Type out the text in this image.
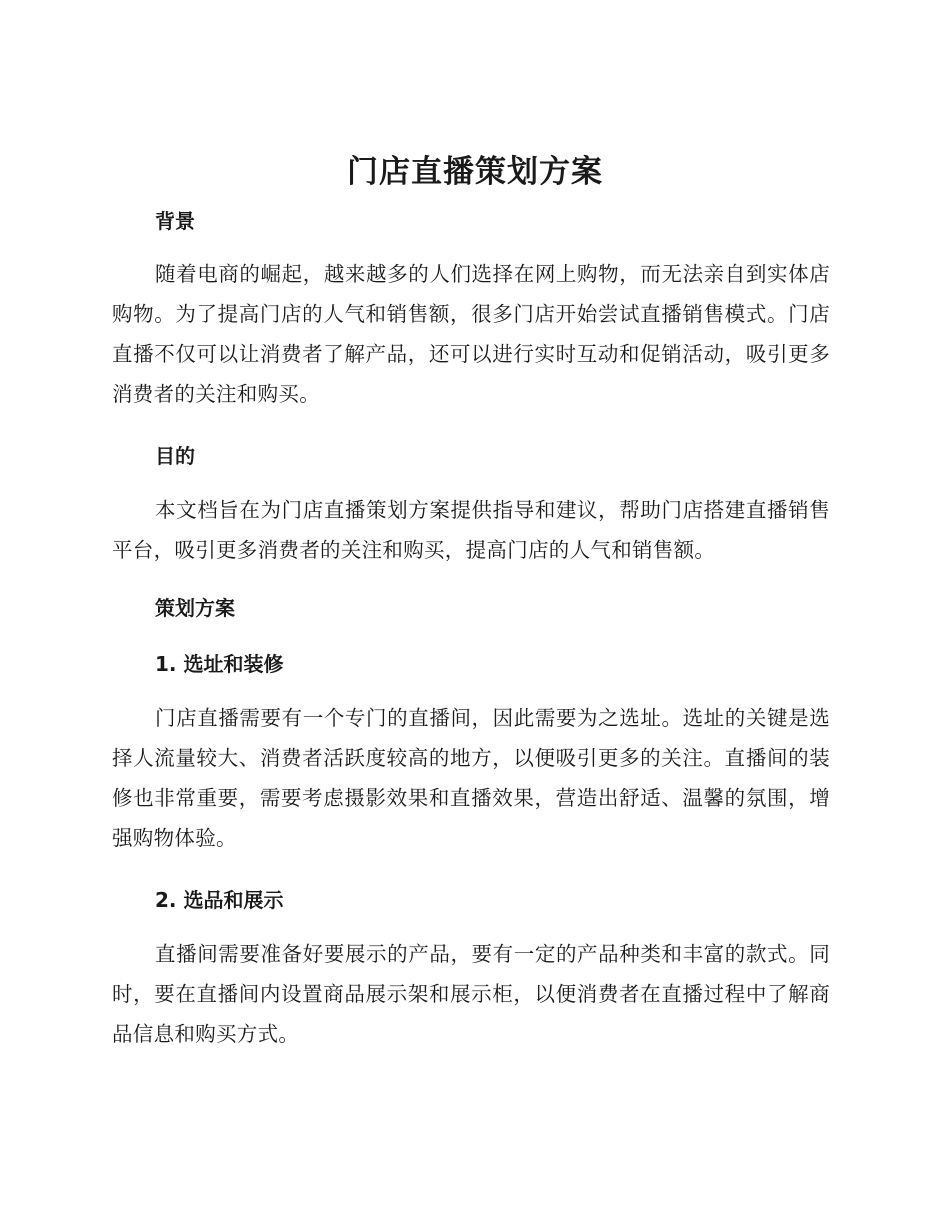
门店直播策划方案
背景

随着电商的崛起，越来越多的人们选择在网上购物，而无法亲自到实体店购物。为了提高门店的人气和销售额，很多门店开始尝试直播销售模式。门店直播不仅可以让消费者了解产品，还可以进行实时互动和促销活动，吸引更多消费者的关注和购买。

目的

本文档旨在为门店直播策划方案提供指导和建议，帮助门店搭建直播销售平台，吸引更多消费者的关注和购买，提高门店的人气和销售额。

策划方案
1. 选址和装修

门店直播需要有一个专门的直播间，因此需要为之选址。选址的关键是选择人流量较大、消费者活跃度较高的地方，以便吸引更多的关注。直播间的装修也非常重要，需要考虑摄影效果和直播效果，营造出舒适、温馨的氛围，增强购物体验。

2. 选品和展示

直播间需要准备好要展示的产品，要有一定的产品种类和丰富的款式。同时，要在直播间内设置商品展示架和展示柜，以便消费者在直播过程中了解商品信息和购买方式。
